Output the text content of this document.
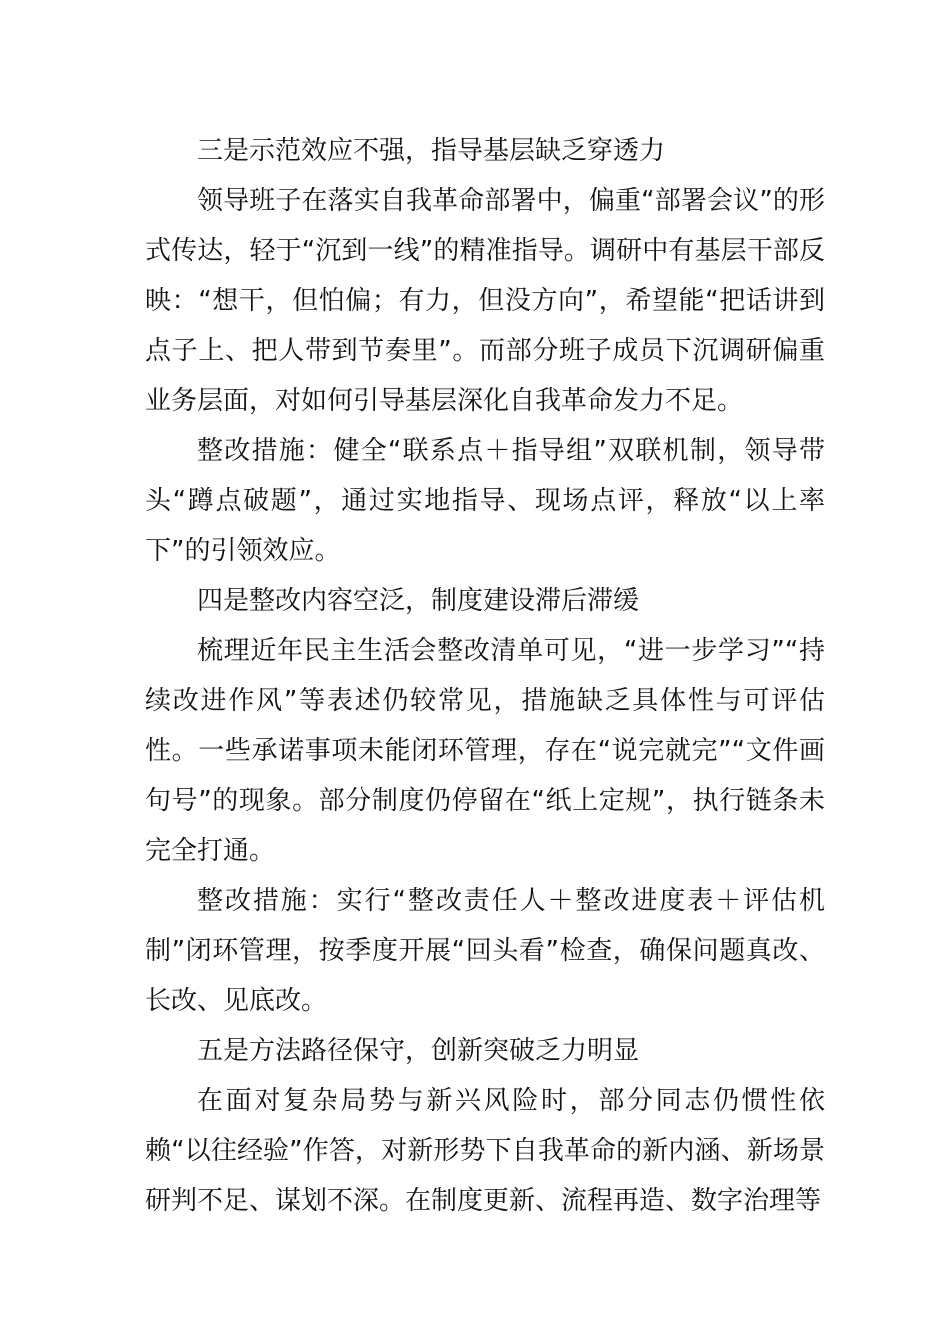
三是示范效应不强，指导基层缺乏穿透力

领导班子在落实自我革命部署中，偏重“部署会议”的形式传达，轻于“沉到一线”的精准指导。调研中有基层干部反映：“想干，但怕偏；有力，但没方向”，希望能“把话讲到点子上、把人带到节奏里”。而部分班子成员下沉调研偏重业务层面，对如何引导基层深化自我革命发力不足。

整改措施：健全“联系点＋指导组”双联机制，领导带头“蹲点破题”，通过实地指导、现场点评，释放“以上率下”的引领效应。

四是整改内容空泛，制度建设滞后滞缓

梳理近年民主生活会整改清单可见，“进一步学习”“持续改进作风”等表述仍较常见，措施缺乏具体性与可评估性。一些承诺事项未能闭环管理，存在“说完就完”“文件画句号”的现象。部分制度仍停留在“纸上定规”，执行链条未完全打通。

整改措施：实行“整改责任人＋整改进度表＋评估机制”闭环管理，按季度开展“回头看”检查，确保问题真改、长改、见底改。

五是方法路径保守，创新突破乏力明显

在面对复杂局势与新兴风险时，部分同志仍惯性依赖“以往经验”作答，对新形势下自我革命的新内涵、新场景研判不足、谋划不深。在制度更新、流程再造、数字治理等
